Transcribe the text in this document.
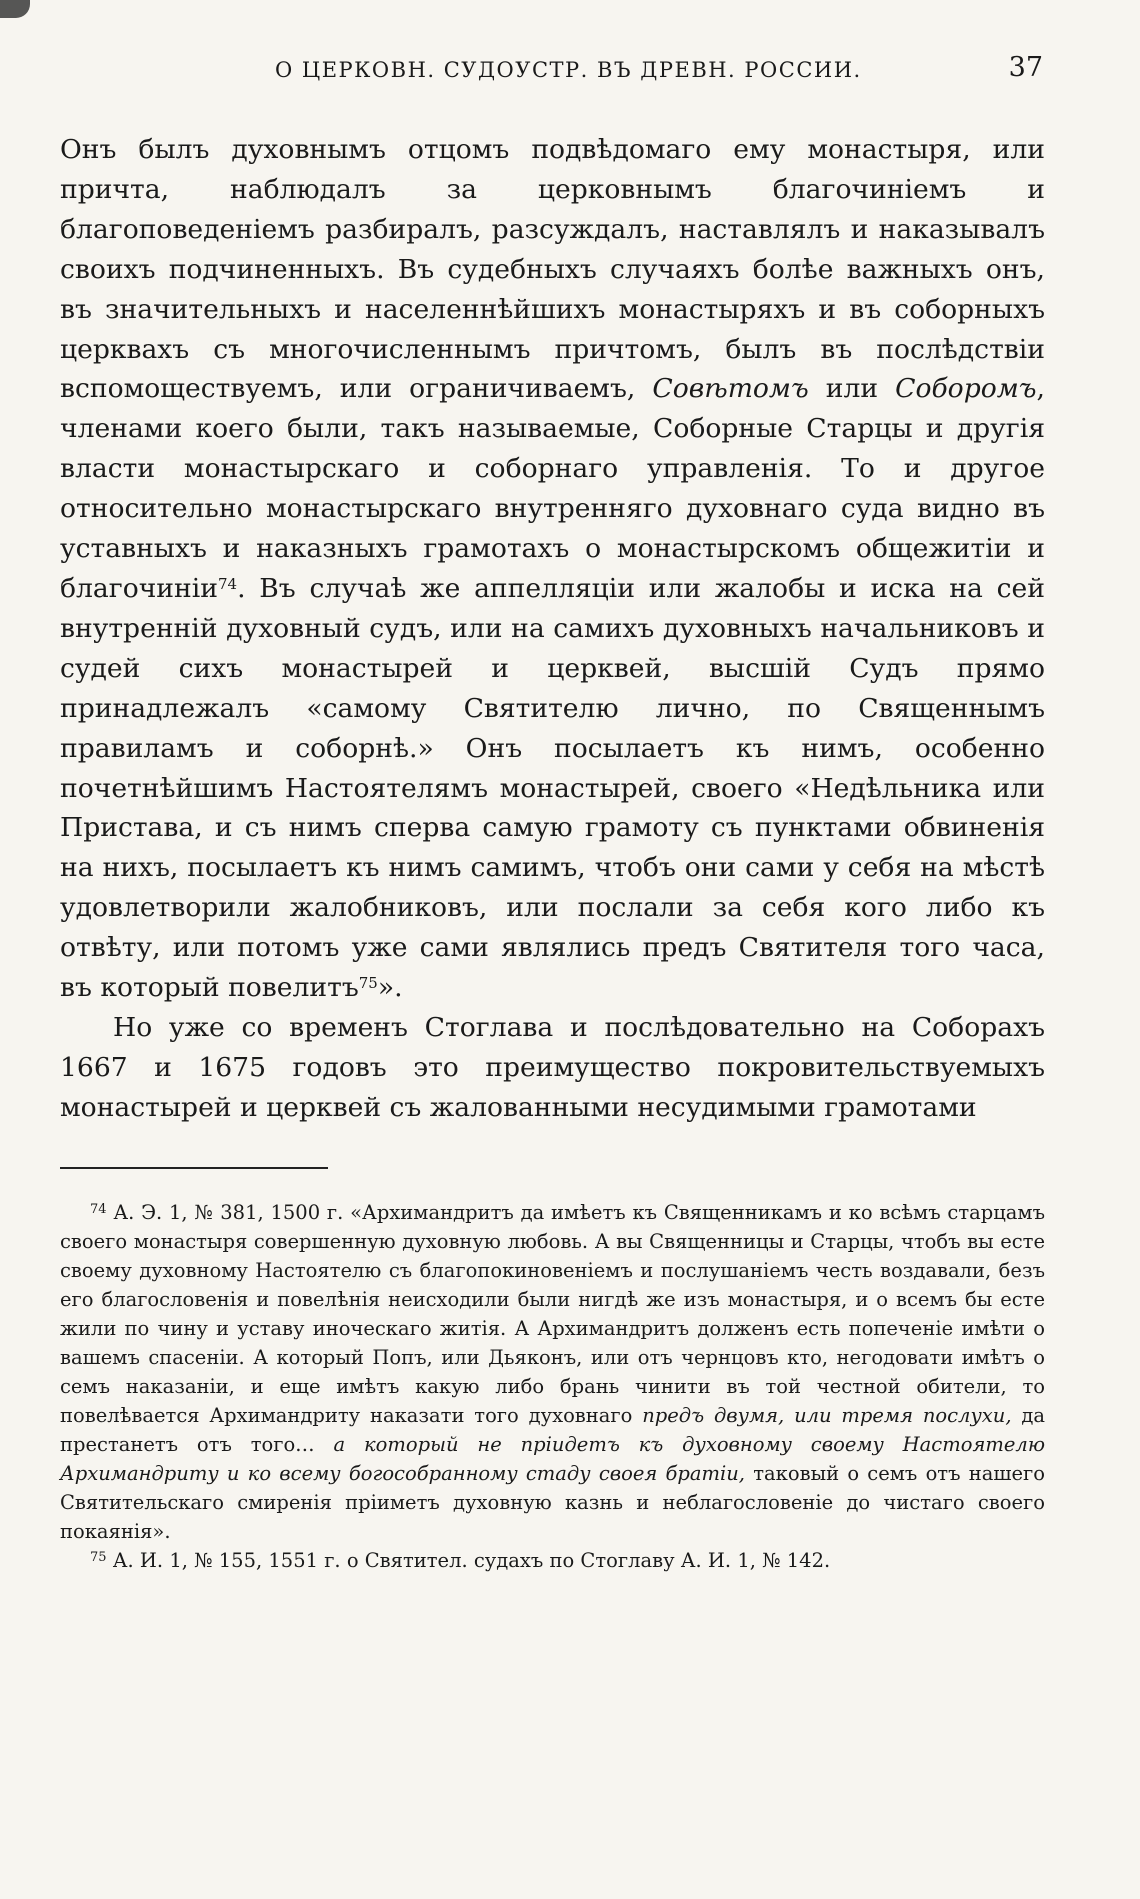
О ЦЕРКОВН. СУДОУСТР. ВЪ ДРЕВН. РОССИИ.	37

Онъ былъ духовнымъ отцомъ подвѣдомаго ему монастыря, или причта, наблюдалъ за церковнымъ благочиніемъ и благоповеденіемъ разбиралъ, разсуждалъ, наставлялъ и наказывалъ своихъ подчиненныхъ. Въ судебныхъ случаяхъ болѣе важныхъ онъ, въ значительныхъ и населеннѣйшихъ монастыряхъ и въ соборныхъ церквахъ съ многочисленнымъ причтомъ, былъ въ послѣдствіи вспомоществуемъ, или ограничиваемъ, Совѣтомъ или Соборомъ, членами коего были, такъ называемые, Соборные Старцы и другія власти монастырскаго и соборнаго управленія. То и другое относительно монастырскаго внутренняго духовнаго суда видно въ уставныхъ и наказныхъ грамотахъ о монастырскомъ общежитіи и благочиніи$^{74}$. Въ случаѣ же аппелляціи или жалобы и иска на сей внутренній духовный судъ, или на самихъ духовныхъ начальниковъ и судей сихъ монастырей и церквей, высшій Судъ прямо принадлежалъ «самому Святителю лично, по Священнымъ правиламъ и соборнѣ.» Онъ посылаетъ къ нимъ, особенно почетнѣйшимъ Настоятелямъ монастырей, своего «Недѣльника или Пристава, и съ нимъ сперва самую грамоту съ пунктами обвиненія на нихъ, посылаетъ къ нимъ самимъ, чтобъ они сами у себя на мѣстѣ удовлетворили жалобниковъ, или послали за себя кого либо къ отвѣту, или потомъ уже сами являлись предъ Святителя того часа, въ который повелитъ$^{75}$».

Но уже со временъ Стоглава и послѣдовательно на Соборахъ 1667 и 1675 годовъ это преимущество покровительствуемыхъ монастырей и церквей съ жалованными несудимыми грамотами

$^{74}$ А. Э. 1, № 381, 1500 г. «Архимандритъ да имѣетъ къ Священникамъ и ко всѣмъ старцамъ своего монастыря совершенную духовную любовь. А вы Священницы и Старцы, чтобъ вы есте своему духовному Настоятелю съ благопокиновеніемъ и послушаніемъ честь воздавали, безъ его благословенія и повелѣнія неисходили были нигдѣ же изъ монастыря, и о всемъ бы есте жили по чину и уставу иноческаго житія. А Архимандритъ долженъ есть попеченіе имѣти о вашемъ спасеніи. А который Попъ, или Дьяконъ, или отъ чернцовъ кто, негодовати имѣтъ о семъ наказаніи, и еще имѣтъ какую либо брань чинити въ той честной обители, то повелѣвается Архимандриту наказати того духовнаго предъ двумя, или тремя послухи, да престанетъ отъ того… а который не пріидетъ къ духовному своему Настоятелю Архимандриту и ко всему богособранному стаду своея братіи, таковый о семъ отъ нашего Святительскаго смиренія пріиметъ духовную казнь и неблагословеніе до чистаго своего покаянія».

$^{75}$ А. И. 1, № 155, 1551 г. о Святител. судахъ по Стоглаву А. И. 1, № 142.
